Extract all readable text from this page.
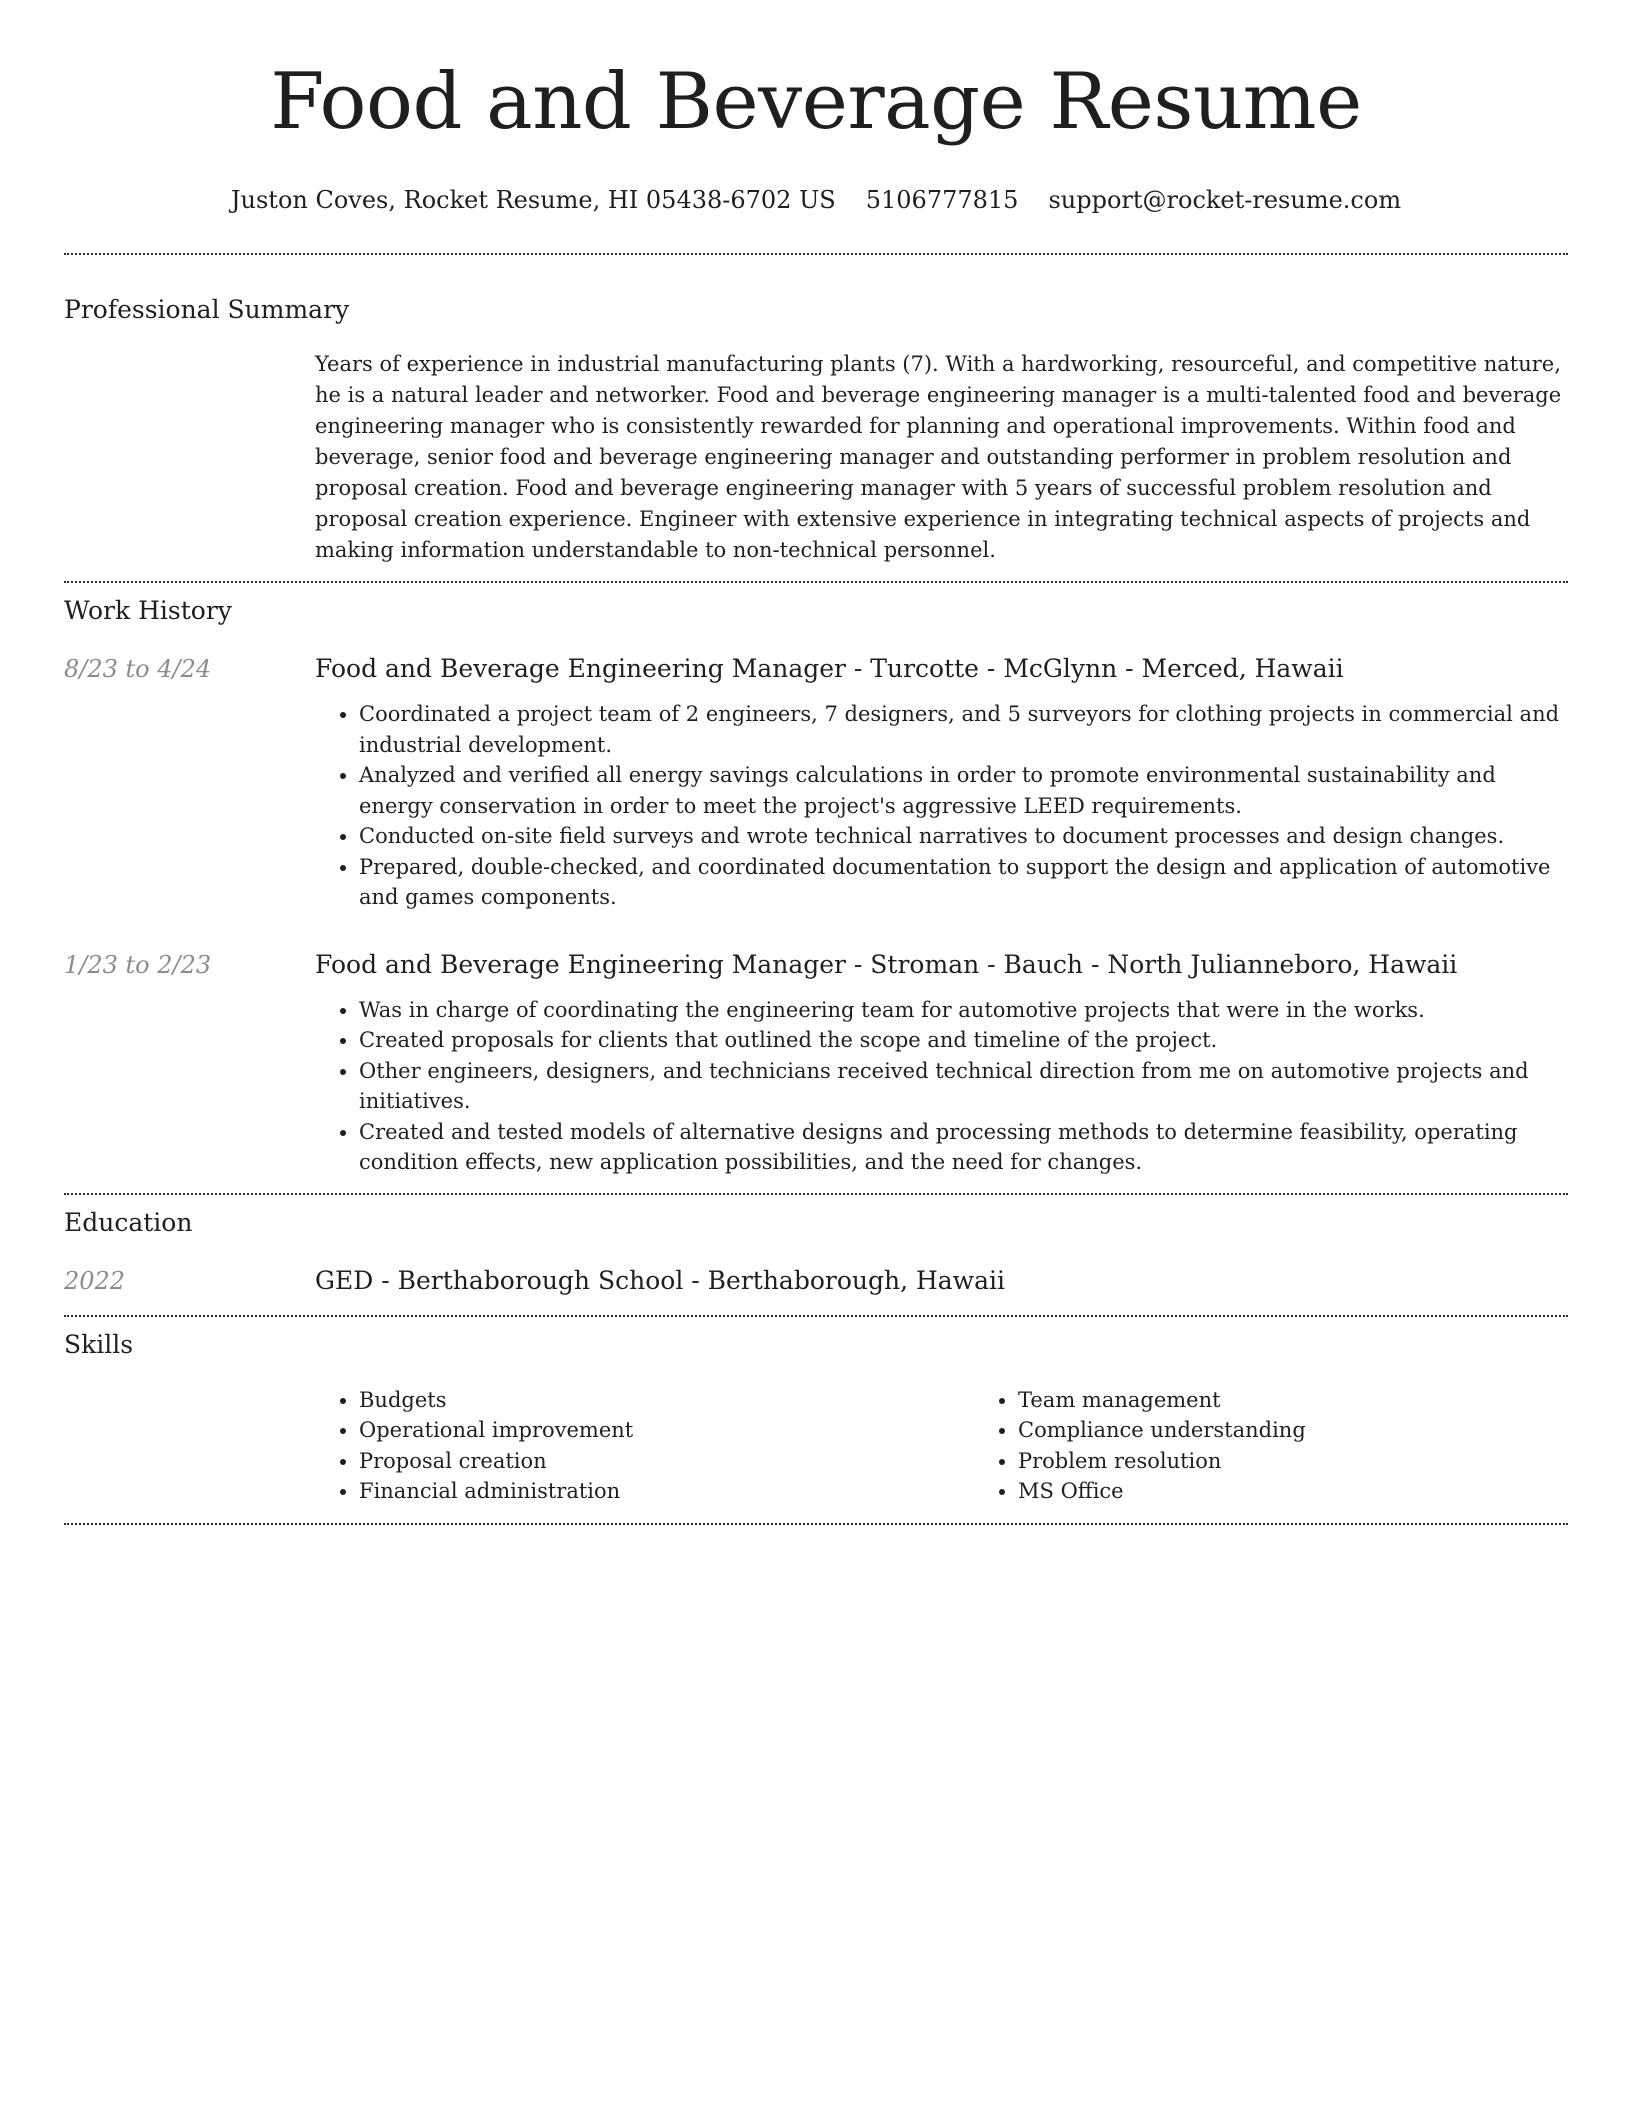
Food and Beverage Resume
Juston Coves, Rocket Resume, HI 05438-6702 US 5106777815 support@rocket-resume.com
Professional Summary

Years of experience in industrial manufacturing plants (7). With a hardworking, resourceful, and competitive nature, he is a natural leader and networker. Food and beverage engineering manager is a multi-talented food and beverage engineering manager who is consistently rewarded for planning and operational improvements. Within food and beverage, senior food and beverage engineering manager and outstanding performer in problem resolution and proposal creation. Food and beverage engineering manager with 5 years of successful problem resolution and proposal creation experience. Engineer with extensive experience in integrating technical aspects of projects and making information understandable to non-technical personnel.

Work History
8/23 to 4/24	Food and Beverage Engineering Manager - Turcotte - McGlynn - Merced, Hawaii

• Coordinated a project team of 2 engineers, 7 designers, and 5 surveyors for clothing projects in commercial and industrial development.
• Analyzed and verified all energy savings calculations in order to promote environmental sustainability and energy conservation in order to meet the project's aggressive LEED requirements.
• Conducted on-site field surveys and wrote technical narratives to document processes and design changes.
• Prepared, double-checked, and coordinated documentation to support the design and application of automotive and games components.
1/23 to 2/23	Food and Beverage Engineering Manager - Stroman - Bauch - North Julianneboro, Hawaii

• Was in charge of coordinating the engineering team for automotive projects that were in the works.
• Created proposals for clients that outlined the scope and timeline of the project.
• Other engineers, designers, and technicians received technical direction from me on automotive projects and initiatives.
• Created and tested models of alternative designs and processing methods to determine feasibility, operating condition effects, new application possibilities, and the need for changes.
Education
2022	GED - Berthaborough School - Berthaborough, Hawaii

Skills
• Budgets
• Operational improvement
• Proposal creation
• Financial administration
• Team management
• Compliance understanding
• Problem resolution
• MS Office
